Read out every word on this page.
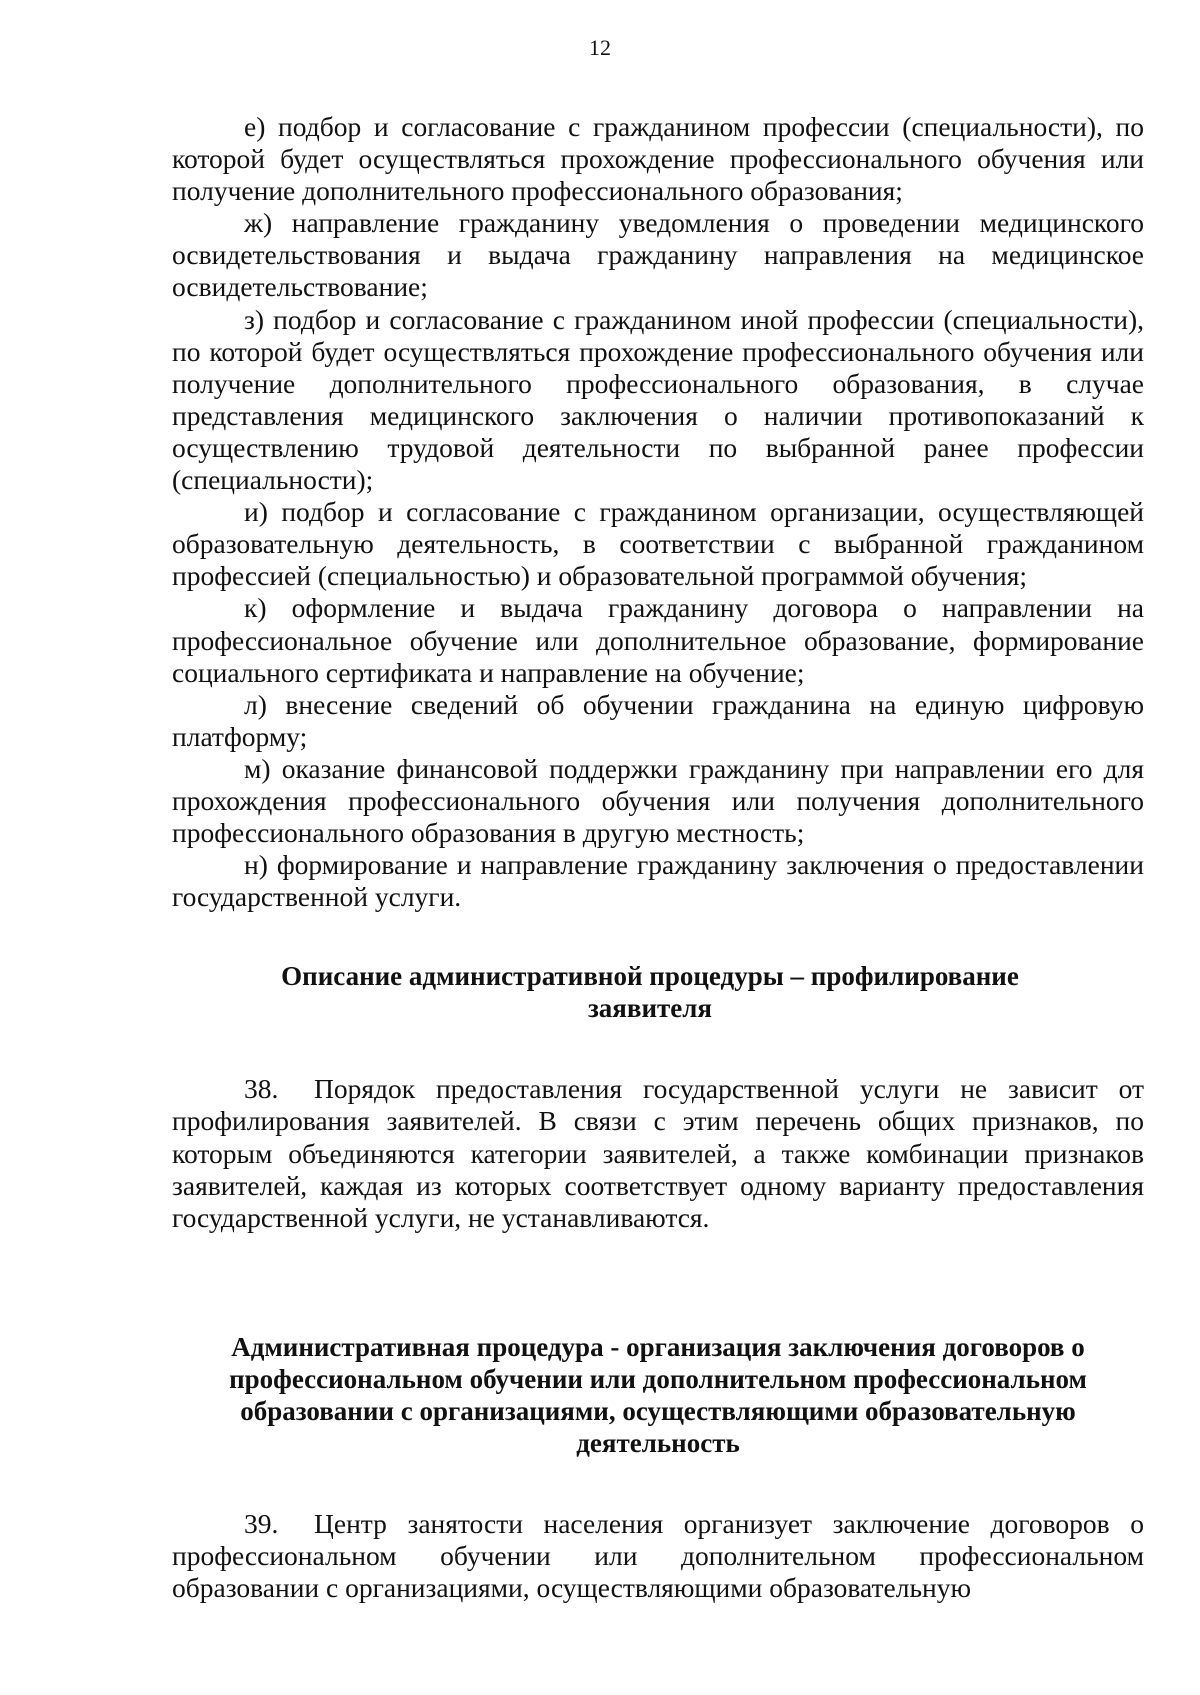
12

е) подбор и согласование с гражданином профессии (специальности), по которой будет осуществляться прохождение профессионального обучения или получение дополнительного профессионального образования;

ж) направление гражданину уведомления о проведении медицинского освидетельствования и выдача гражданину направления на медицинское освидетельствование;

з) подбор и согласование с гражданином иной профессии (специальности), по которой будет осуществляться прохождение профессионального обучения или получение дополнительного профессионального образования, в случае представления медицинского заключения о наличии противопоказаний к осуществлению трудовой деятельности по выбранной ранее профессии (специальности);

и) подбор и согласование с гражданином организации, осуществляющей образовательную деятельность, в соответствии с выбранной гражданином профессией (специальностью) и образовательной программой обучения;

к) оформление и выдача гражданину договора о направлении на профессиональное обучение или дополнительное образование, формирование социального сертификата и направление на обучение;

л) внесение сведений об обучении гражданина на единую цифровую платформу;

м) оказание финансовой поддержки гражданину при направлении его для прохождения профессионального обучения или получения дополнительного профессионального образования в другую местность;

н) формирование и направление гражданину заключения о предоставлении государственной услуги.

Описание административной процедуры – профилирование заявителя

38. Порядок предоставления государственной услуги не зависит от профилирования заявителей. В связи с этим перечень общих признаков, по которым объединяются категории заявителей, а также комбинации признаков заявителей, каждая из которых соответствует одному варианту предоставления государственной услуги, не устанавливаются.

Административная процедура - организация заключения договоров о профессиональном обучении или дополнительном профессиональном образовании с организациями, осуществляющими образовательную деятельность

39. Центр занятости населения организует заключение договоров о профессиональном обучении или дополнительном профессиональном образовании с организациями, осуществляющими образовательную
